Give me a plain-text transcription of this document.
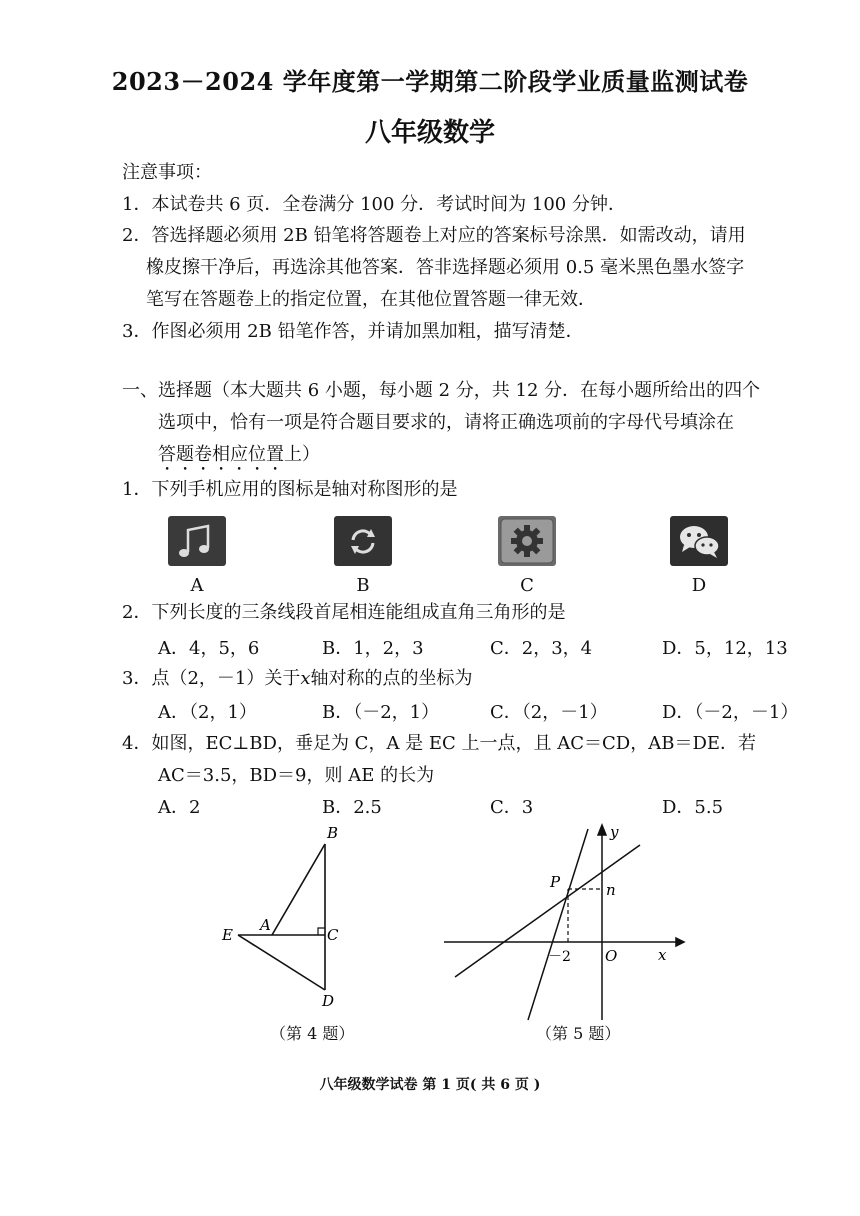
2023－2024 学年度第一学期第二阶段学业质量监测试卷
八年级数学
注意事项：
1．本试卷共 6 页．全卷满分 100 分．考试时间为 100 分钟．
2．答选择题必须用 2B 铅笔将答题卷上对应的答案标号涂黑．如需改动，请用
橡皮擦干净后，再选涂其他答案．答非选择题必须用 0.5 毫米黑色墨水签字
笔写在答题卷上的指定位置，在其他位置答题一律无效．
3．作图必须用 2B 铅笔作答，并请加黑加粗，描写清楚．
一、选择题（本大题共 6 小题，每小题 2 分，共 12 分．在每小题所给出的四个
选项中，恰有一项是符合题目要求的，请将正确选项前的字母代号填涂在
答题卷相应位置上）
1．下列手机应用的图标是轴对称图形的是
A	B	C	D
2．下列长度的三条线段首尾相连能组成直角三角形的是
A．4，5，6	B．1，2，3	C．2，3，4	D．5，12，13
3．点（2，－1）关于x轴对称的点的坐标为
A．（2，1）	B．（－2，1）	C．（2，－1）	D．（－2，－1）
4．如图，EC⊥BD，垂足为 C，A 是 EC 上一点，且 AC＝CD，AB＝DE．若
AC＝3.5，BD＝9，则 AE 的长为
A．2	B．2.5	C．3	D．5.5
B
A
E	C
D
（第 4 题）
y
x
P	n
－2 O
（第 5 题）
八年级数学试卷 第 1 页( 共 6 页 )
